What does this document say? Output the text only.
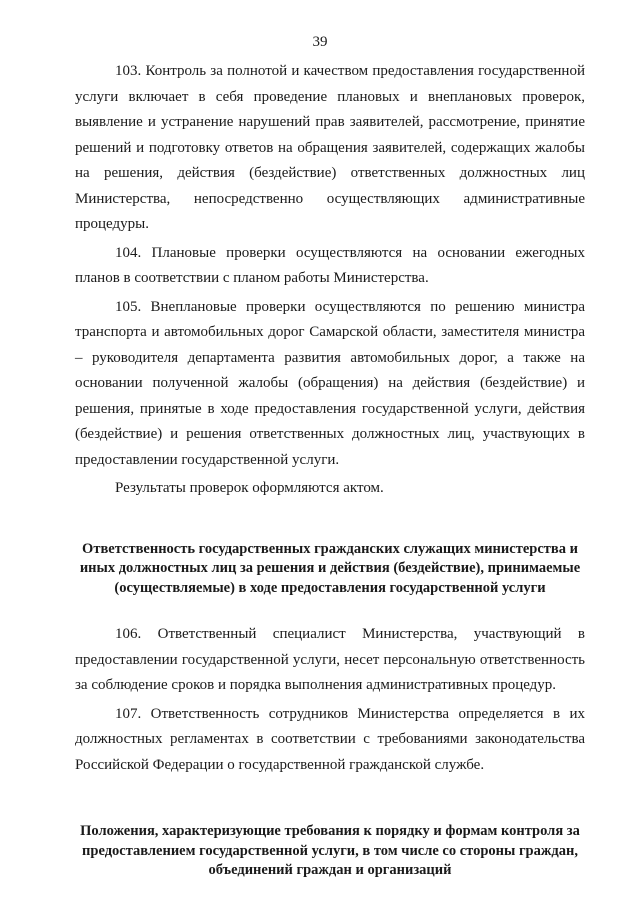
39

103. Контроль за полнотой и качеством предоставления государственной услуги включает в себя проведение плановых и внеплановых проверок, выявление и устранение нарушений прав заявителей, рассмотрение, принятие решений и подготовку ответов на обращения заявителей, содержащих жалобы на решения, действия (бездействие) ответственных должностных лиц Министерства, непосредственно осуществляющих административные процедуры.

104. Плановые проверки осуществляются на основании ежегодных планов в соответствии с планом работы Министерства.

105. Внеплановые проверки осуществляются по решению министра транспорта и автомобильных дорог Самарской области, заместителя министра – руководителя департамента развития автомобильных дорог, а также на основании полученной жалобы (обращения) на действия (бездействие) и решения, принятые в ходе предоставления государственной услуги, действия (бездействие) и решения ответственных должностных лиц, участвующих в предоставлении государственной услуги.

Результаты проверок оформляются актом.

Ответственность государственных гражданских служащих министерства и иных должностных лиц за решения и действия (бездействие), принимаемые (осуществляемые) в ходе предоставления государственной услуги

106. Ответственный специалист Министерства, участвующий в предоставлении государственной услуги, несет персональную ответственность за соблюдение сроков и порядка выполнения административных процедур.

107. Ответственность сотрудников Министерства определяется в их должностных регламентах в соответствии с требованиями законодательства Российской Федерации о государственной гражданской службе.

Положения, характеризующие требования к порядку и формам контроля за предоставлением государственной услуги, в том числе со стороны граждан, объединений граждан и организаций
